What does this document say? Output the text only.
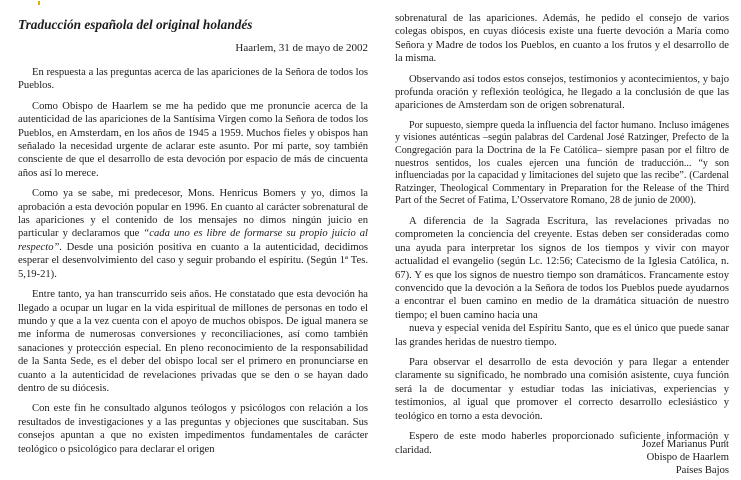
Traducción española del original holandés
Haarlem, 31 de mayo de 2002

En respuesta a las preguntas acerca de las apariciones de la Señora de todos los Pueblos.

Como Obispo de Haarlem se me ha pedido que me pronuncie acerca de la autenticidad de las apariciones de la Santísima Virgen como la Señora de todos los Pueblos, en Amsterdam, en los años de 1945 a 1959. Muchos fieles y obispos han señalado la necesidad urgente de aclarar este asunto. Por mi parte, soy también consciente de que el desarrollo de esta devoción por espacio de más de cincuenta años así lo merece.

Como ya se sabe, mi predecesor, Mons. Henricus Bomers y yo, dimos la aprobación a esta devoción popular en 1996. En cuanto al carácter sobrenatural de las apariciones y el contenido de los mensajes no dimos ningún juicio en particular y declaramos que “cada uno es libre de formarse su propio juicio al respecto”. Desde una posición positiva en cuanto a la autenticidad, decidimos esperar el desenvolvimiento del caso y seguir probando el espíritu. (Según 1ª Tes. 5,19-21).

Entre tanto, ya han transcurrido seis años. He constatado que esta devoción ha llegado a ocupar un lugar en la vida espiritual de millones de personas en todo el mundo y que a la vez cuenta con el apoyo de muchos obispos. De igual manera se me informa de numerosas conversiones y reconciliaciones, así como también sanaciones y protección especial. En pleno reconocimiento de la responsabilidad de la Santa Sede, es el deber del obispo local ser el primero en pronunciarse en cuanto a la autenticidad de revelaciones privadas que se den o se hayan dado dentro de su diócesis.

Con este fin he consultado algunos teólogos y psicólogos con relación a los resultados de investigaciones y a las preguntas y objeciones que suscitaban. Sus consejos apuntan a que no existen impedimentos fundamentales de carácter teológico o psicológico para declarar el origen

sobrenatural de las apariciones. Además, he pedido el consejo de varios colegas obispos, en cuyas diócesis existe una fuerte devoción a María como Señora y Madre de todos los Pueblos, en cuanto a los frutos y el desarrollo de la misma.

Observando así todos estos consejos, testimonios y acontecimientos, y bajo profunda oración y reflexión teológica, he llegado a la conclusión de que las apariciones de Amsterdam son de origen sobrenatural.

Por supuesto, siempre queda la influencia del factor humano. Incluso imágenes y visiones auténticas –según palabras del Cardenal José Ratzinger, Prefecto de la Congregación para la Doctrina de la Fe Católica– siempre pasan por el filtro de nuestros sentidos, los cuales ejercen una función de traducción... “y son influenciadas por la capacidad y limitaciones del sujeto que las recibe”. (Cardenal Ratzinger, Theological Commentary in Preparation for the Release of the Third Part of the Secret of Fatima, L’Osservatore Romano, 28 de junio de 2000).

A diferencia de la Sagrada Escritura, las revelaciones privadas no comprometen la conciencia del creyente. Estas deben ser consideradas como una ayuda para interpretar los signos de los tiempos y vivir con mayor actualidad el evangelio (según Lc. 12:56; Catecismo de la Iglesia Católica, n. 67). Y es que los signos de nuestro tiempo son dramáticos. Francamente estoy convencido que la devoción a la Señora de todos los Pueblos puede ayudarnos a encontrar el buen camino en medio de la dramática situación de nuestro tiempo; el buen camino hacia una

nueva y especial venida del Espíritu Santo, que es el único que puede sanar las grandes heridas de nuestro tiempo.

Para observar el desarrollo de esta devoción y para llegar a entender claramente su significado, he nombrado una comisión asistente, cuya función será la de documentar y estudiar todas las iniciativas, experiencias y testimonios, al igual que promover el correcto desarrollo eclesiástico y teológico en torno a esta devoción.

Espero de este modo haberles proporcionado suficiente información y claridad.	Jozef Marianus Punt
Obispo de Haarlem
Países Bajos
